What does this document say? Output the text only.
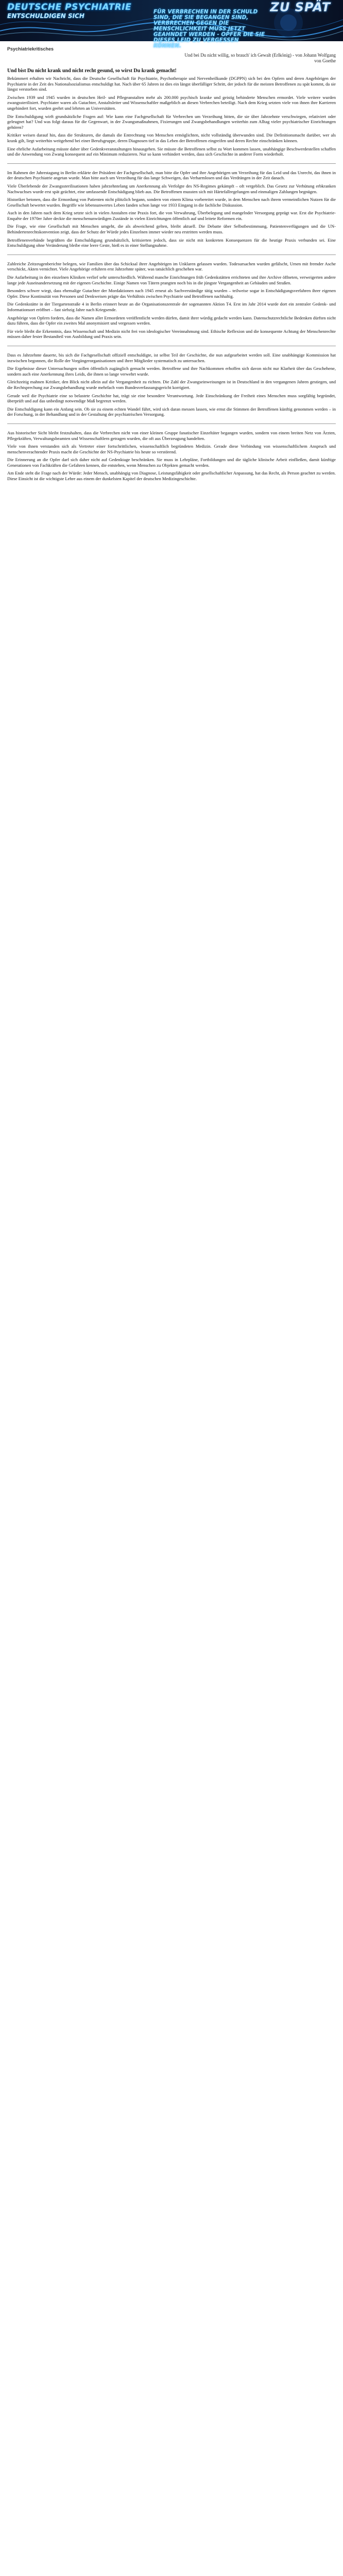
DEUTSCHE PSYCHIATRIE
ENTSCHULDIGEN SICH
FÜR VERBRECHEN IN DER SCHULD SIND, DIE SIE BEGANGEN SIND, VERBRECHEN GEGEN DIE MENSCHLICHKEIT MUSS JETZT GEAHNDET WERDEN - OPFER DIE SIE DIESES LEID ZU VERGESSEN KÖNNEN.
ZU SPÄT
Psychiatriekritisches
Und bei Du nicht willig, so brauch' ich Gewalt (Erlkönig) - von Johann Wolfgang von Goethe
Und bist Du nicht krank und nicht recht gesund, so wirst Du krank gemacht!

Bekümmert erhalten wir Nachricht, dass die Deutsche Gesellschaft für Psychiatrie, Psychotherapie und Nervenheilkunde (DGPPN) sich bei den Opfern und deren Angehörigen der Psychiatrie in der Zeit des Nationalsozialismus entschuldigt hat. Nach über 65 Jahren ist dies ein längst überfälliger Schritt, der jedoch für die meisten Betroffenen zu spät kommt, da sie längst verstorben sind.

Zwischen 1939 und 1945 wurden in deutschen Heil- und Pflegeanstalten mehr als 200.000 psychisch kranke und geistig behinderte Menschen ermordet. Viele weitere wurden zwangssterilisiert. Psychiater waren als Gutachter, Anstaltsleiter und Wissenschaftler maßgeblich an diesen Verbrechen beteiligt. Nach dem Krieg setzten viele von ihnen ihre Karrieren ungehindert fort, wurden geehrt und lehrten an Universitäten.

Die Entschuldigung wirft grundsätzliche Fragen auf: Wie kann eine Fachgesellschaft für Verbrechen um Verzeihung bitten, die sie über Jahrzehnte verschwiegen, relativiert oder geleugnet hat? Und was folgt daraus für die Gegenwart, in der Zwangsmaßnahmen, Fixierungen und Zwangsbehandlungen weiterhin zum Alltag vieler psychiatrischer Einrichtungen gehören?

Kritiker weisen darauf hin, dass die Strukturen, die damals die Entrechtung von Menschen ermöglichten, nicht vollständig überwunden sind. Die Definitionsmacht darüber, wer als krank gilt, liegt weiterhin weitgehend bei einer Berufsgruppe, deren Diagnosen tief in das Leben der Betroffenen eingreifen und deren Rechte einschränken können.

Eine ehrliche Aufarbeitung müsste daher über Gedenkveranstaltungen hinausgehen. Sie müsste die Betroffenen selbst zu Wort kommen lassen, unabhängige Beschwerdestellen schaffen und die Anwendung von Zwang konsequent auf ein Minimum reduzieren. Nur so kann verhindert werden, dass sich Geschichte in anderer Form wiederholt.

Im Rahmen der Jahrestagung in Berlin erklärte der Präsident der Fachgesellschaft, man bitte die Opfer und ihre Angehörigen um Verzeihung für das Leid und das Unrecht, das ihnen in der deutschen Psychiatrie angetan wurde. Man bitte auch um Verzeihung für das lange Schweigen, das Verharmlosen und das Verdrängen in der Zeit danach.

Viele Überlebende der Zwangssterilisationen haben jahrzehntelang um Anerkennung als Verfolgte des NS-Regimes gekämpft – oft vergeblich. Das Gesetz zur Verhütung erbkranken Nachwuchses wurde erst spät geächtet, eine umfassende Entschädigung blieb aus. Die Betroffenen mussten sich mit Härtefallregelungen und einmaligen Zahlungen begnügen.

Historiker betonen, dass die Ermordung von Patienten nicht plötzlich begann, sondern von einem Klima vorbereitet wurde, in dem Menschen nach ihrem vermeintlichen Nutzen für die Gesellschaft bewertet wurden. Begriffe wie lebensunwertes Leben fanden schon lange vor 1933 Eingang in die fachliche Diskussion.

Auch in den Jahren nach dem Krieg setzte sich in vielen Anstalten eine Praxis fort, die von Verwahrung, Überbelegung und mangelnder Versorgung geprägt war. Erst die Psychiatrie-Enquête der 1970er Jahre deckte die menschenunwürdigen Zustände in vielen Einrichtungen öffentlich auf und leitete Reformen ein.

Die Frage, wie eine Gesellschaft mit Menschen umgeht, die als abweichend gelten, bleibt aktuell. Die Debatte über Selbstbestimmung, Patientenverfügungen und die UN-Behindertenrechtskonvention zeigt, dass der Schutz der Würde jedes Einzelnen immer wieder neu erstritten werden muss.

Betroffenenverbände begrüßten die Entschuldigung grundsätzlich, kritisierten jedoch, dass sie nicht mit konkreten Konsequenzen für die heutige Praxis verbunden sei. Eine Entschuldigung ohne Veränderung bleibe eine leere Geste, hieß es in einer Stellungnahme.

Zahlreiche Zeitzeugenberichte belegen, wie Familien über das Schicksal ihrer Angehörigen im Unklaren gelassen wurden. Todesursachen wurden gefälscht, Urnen mit fremder Asche verschickt, Akten vernichtet. Viele Angehörige erfuhren erst Jahrzehnte später, was tatsächlich geschehen war.

Die Aufarbeitung in den einzelnen Kliniken verlief sehr unterschiedlich. Während manche Einrichtungen früh Gedenkstätten errichteten und ihre Archive öffneten, verweigerten andere lange jede Auseinandersetzung mit der eigenen Geschichte. Einige Namen von Tätern prangten noch bis in die jüngste Vergangenheit an Gebäuden und Straßen.

Besonders schwer wiegt, dass ehemalige Gutachter der Mordaktionen nach 1945 erneut als Sachverständige tätig wurden – teilweise sogar in Entschädigungsverfahren ihrer eigenen Opfer. Diese Kontinuität von Personen und Denkweisen prägte das Verhältnis zwischen Psychiatrie und Betroffenen nachhaltig.

Die Gedenkstätte in der Tiergartenstraße 4 in Berlin erinnert heute an die Organisationszentrale der sogenannten Aktion T4. Erst im Jahr 2014 wurde dort ein zentraler Gedenk- und Informationsort eröffnet – fast siebzig Jahre nach Kriegsende.

Angehörige von Opfern fordern, dass die Namen aller Ermordeten veröffentlicht werden dürfen, damit ihrer würdig gedacht werden kann. Datenschutzrechtliche Bedenken dürften nicht dazu führen, dass die Opfer ein zweites Mal anonymisiert und vergessen werden.

Für viele bleibt die Erkenntnis, dass Wissenschaft und Medizin nicht frei von ideologischer Vereinnahmung sind. Ethische Reflexion und die konsequente Achtung der Menschenrechte müssen daher fester Bestandteil von Ausbildung und Praxis sein.

Dass es Jahrzehnte dauerte, bis sich die Fachgesellschaft offiziell entschuldigte, ist selbst Teil der Geschichte, die nun aufgearbeitet werden soll. Eine unabhängige Kommission hat inzwischen begonnen, die Rolle der Vorgängerorganisationen und ihrer Mitglieder systematisch zu untersuchen.

Die Ergebnisse dieser Untersuchungen sollen öffentlich zugänglich gemacht werden. Betroffene und ihre Nachkommen erhoffen sich davon nicht nur Klarheit über das Geschehene, sondern auch eine Anerkennung ihres Leids, die ihnen so lange verwehrt wurde.

Gleichzeitig mahnen Kritiker, den Blick nicht allein auf die Vergangenheit zu richten. Die Zahl der Zwangseinweisungen ist in Deutschland in den vergangenen Jahren gestiegen, und die Rechtsprechung zur Zwangsbehandlung wurde mehrfach vom Bundesverfassungsgericht korrigiert.

Gerade weil die Psychiatrie eine so belastete Geschichte hat, trägt sie eine besondere Verantwortung. Jede Einschränkung der Freiheit eines Menschen muss sorgfältig begründet, überprüft und auf das unbedingt notwendige Maß begrenzt werden.

Die Entschuldigung kann ein Anfang sein. Ob sie zu einem echten Wandel führt, wird sich daran messen lassen, wie ernst die Stimmen der Betroffenen künftig genommen werden – in der Forschung, in der Behandlung und in der Gestaltung der psychiatrischen Versorgung.

Aus historischer Sicht bleibt festzuhalten, dass die Verbrechen nicht von einer kleinen Gruppe fanatischer Einzeltäter begangen wurden, sondern von einem breiten Netz von Ärzten, Pflegekräften, Verwaltungsbeamten und Wissenschaftlern getragen wurden, die oft aus Überzeugung handelten.

Viele von ihnen verstanden sich als Vertreter einer fortschrittlichen, wissenschaftlich begründeten Medizin. Gerade diese Verbindung von wissenschaftlichem Anspruch und menschenverachtender Praxis macht die Geschichte der NS-Psychiatrie bis heute so verstörend.

Die Erinnerung an die Opfer darf sich daher nicht auf Gedenktage beschränken. Sie muss in Lehrpläne, Fortbildungen und die tägliche klinische Arbeit einfließen, damit künftige Generationen von Fachkräften die Gefahren kennen, die entstehen, wenn Menschen zu Objekten gemacht werden.

Am Ende steht die Frage nach der Würde: Jeder Mensch, unabhängig von Diagnose, Leistungsfähigkeit oder gesellschaftlicher Anpassung, hat das Recht, als Person geachtet zu werden. Diese Einsicht ist die wichtigste Lehre aus einem der dunkelsten Kapitel der deutschen Medizingeschichte.
